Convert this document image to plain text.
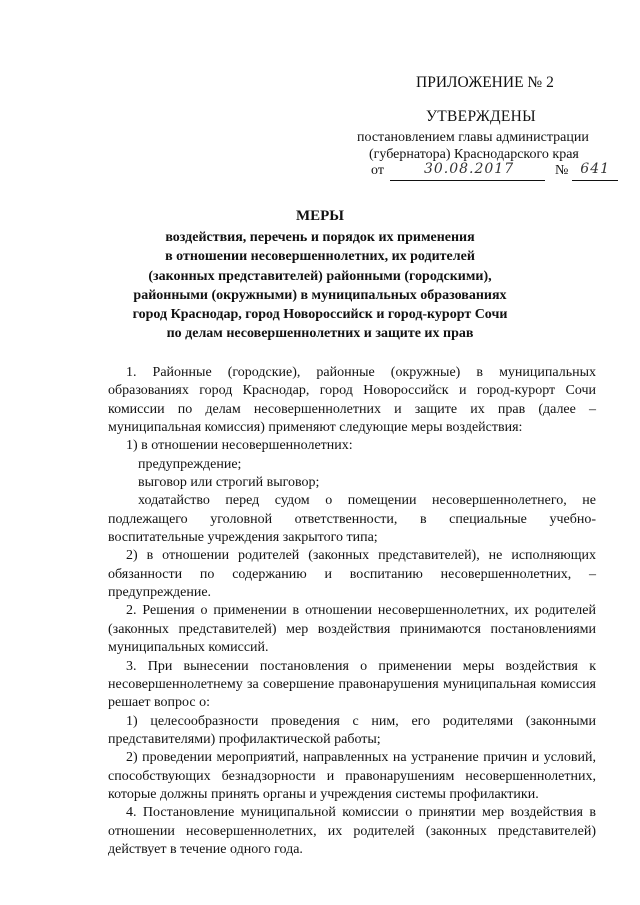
ПРИЛОЖЕНИЕ № 2
УТВЕРЖДЕНЫ
постановлением главы администрации
(губернатора) Краснодарского края
от	30.08.2017	№ 641
МЕРЫ
воздействия, перечень и порядок их применения
в отношении несовершеннолетних, их родителей
(законных представителей) районными (городскими),
районными (окружными) в муниципальных образованиях
город Краснодар, город Новороссийск и город-курорт Сочи
по делам несовершеннолетних и защите их прав

1. Районные (городские), районные (окружные) в муниципальных образованиях город Краснодар, город Новороссийск и город-курорт Сочи комиссии по делам несовершеннолетних и защите их прав (далее – муниципальная комиссия) применяют следующие меры воздействия:

1) в отношении несовершеннолетних:

предупреждение;

выговор или строгий выговор;

ходатайство перед судом о помещении несовершеннолетнего, не подлежащего уголовной ответственности, в специальные учебно-воспитательные учреждения закрытого типа;

2) в отношении родителей (законных представителей), не исполняющих обязанности по содержанию и воспитанию несовершеннолетних, – предупреждение.

2. Решения о применении в отношении несовершеннолетних, их родителей (законных представителей) мер воздействия принимаются постановлениями муниципальных комиссий.

3. При вынесении постановления о применении меры воздействия к несовершеннолетнему за совершение правонарушения муниципальная комиссия решает вопрос о:

1) целесообразности проведения с ним, его родителями (законными представителями) профилактической работы;

2) проведении мероприятий, направленных на устранение причин и условий, способствующих безнадзорности и правонарушениям несовершеннолетних, которые должны принять органы и учреждения системы профилактики.

4. Постановление муниципальной комиссии о принятии мер воздействия в отношении несовершеннолетних, их родителей (законных представителей) действует в течение одного года.
